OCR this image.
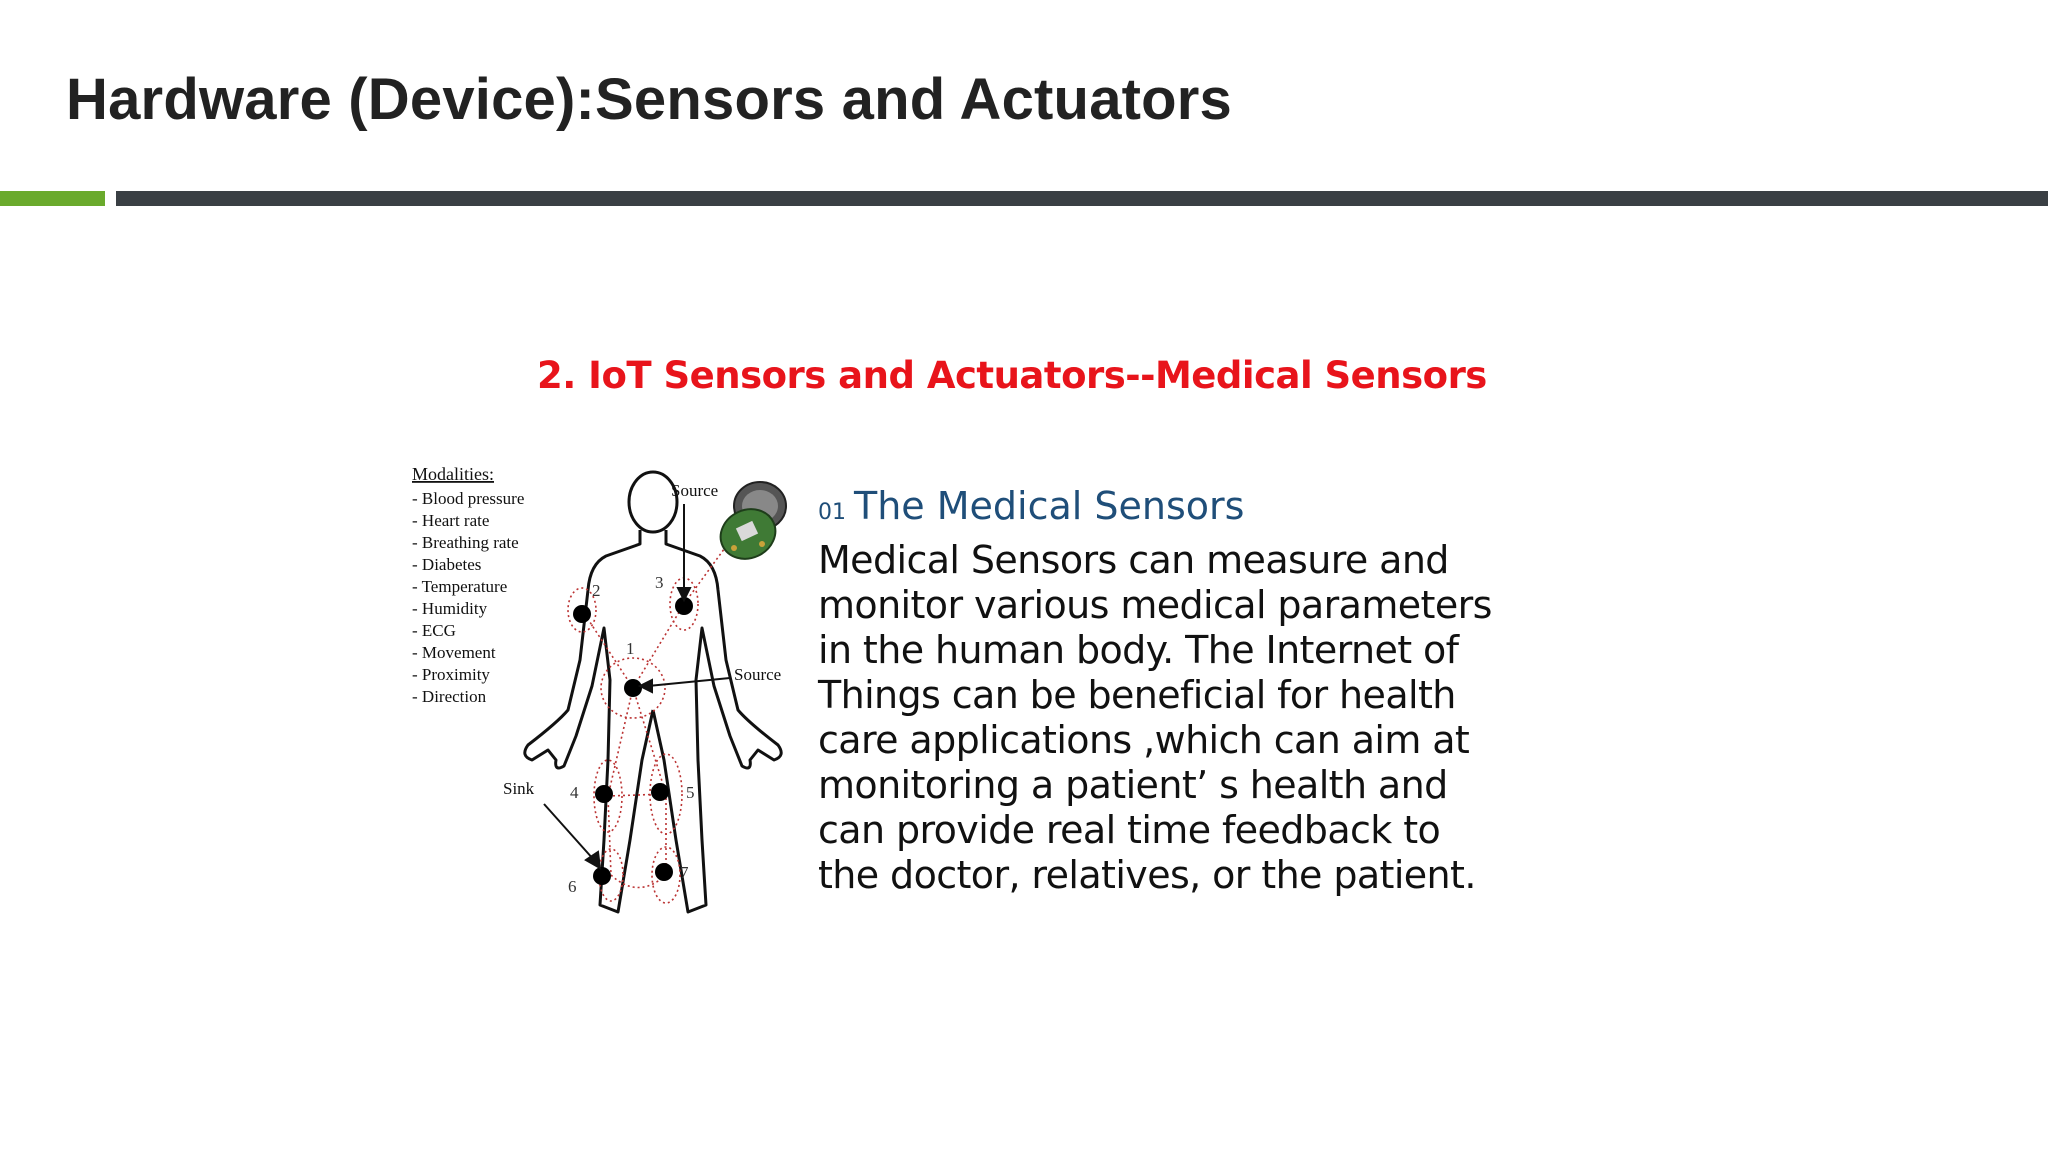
Hardware (Device):Sensors and Actuators
2. IoT Sensors and Actuators--Medical Sensors
Modalities:
- Blood pressure
- Heart rate
- Breathing rate
- Diabetes
- Temperature
- Humidity
- ECG
- Movement
- Proximity
- Direction
1
2	3
4	5
6
7
Source
Source
Sink
01 The Medical Sensors
Medical Sensors can measure and
monitor various medical parameters
in the human body. The Internet of
Things can be beneficial for health
care applications ,which can aim at
monitoring a patient’ s health and
can provide real time feedback to
the doctor, relatives, or the patient.
